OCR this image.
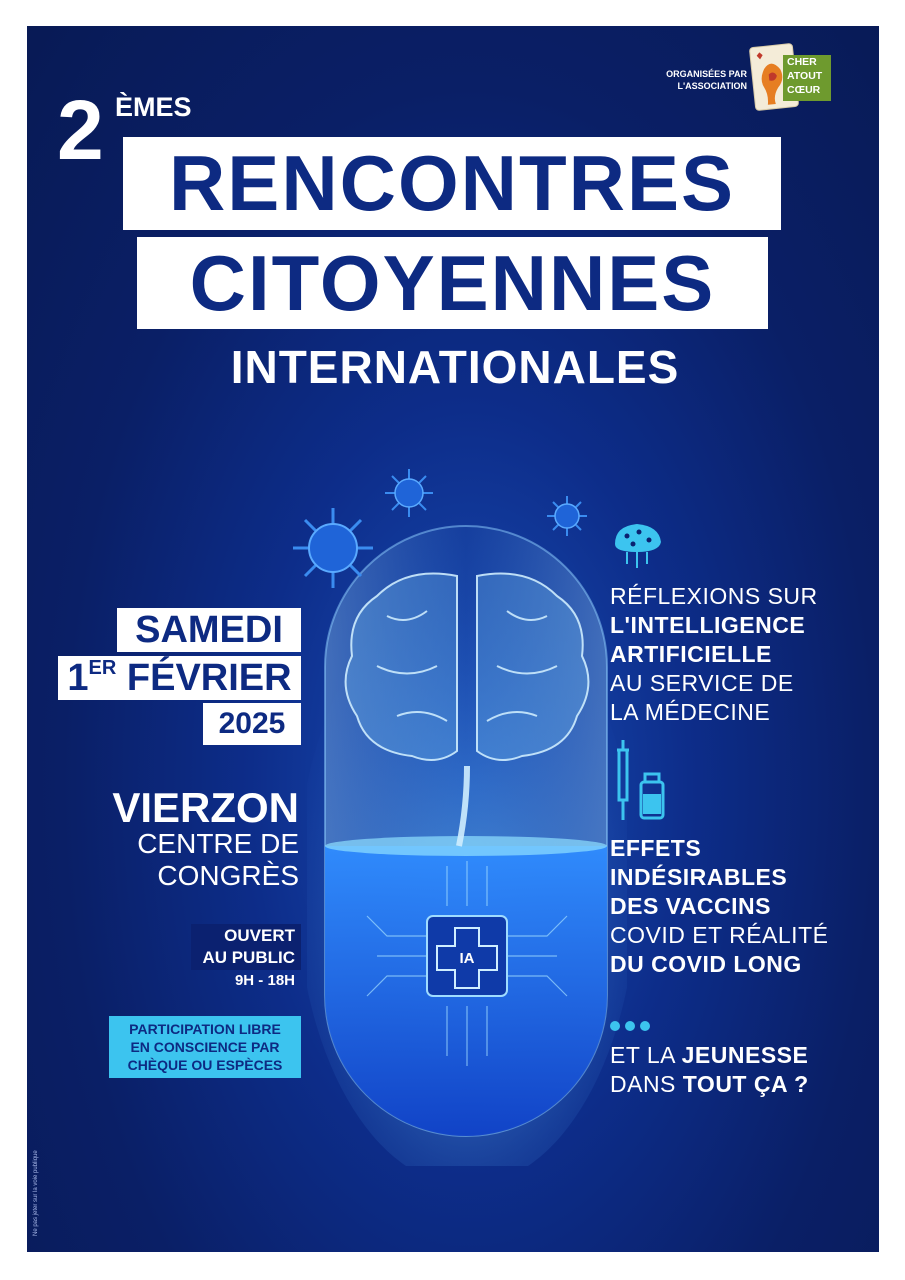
ORGANISÉES PAR
L'ASSOCIATION
CHER
ATOUT
CŒUR
2 ÈMES
RENCONTRES
CITOYENNES
INTERNATIONALES
IA
SAMEDI
1ER FÉVRIER
2025
VIERZON
CENTRE DE
CONGRÈS
OUVERT
AU PUBLIC
9H - 18H
PARTICIPATION LIBRE
EN CONSCIENCE PAR
CHÈQUE OU ESPÈCES
Ne pas jeter sur la voie publique
RÉFLEXIONS SUR
L'INTELLIGENCE
ARTIFICIELLE
AU SERVICE DE
LA MÉDECINE
EFFETS
INDÉSIRABLES
DES VACCINS
COVID ET RÉALITÉ
DU COVID LONG
ET LA JEUNESSE
DANS TOUT ÇA ?
